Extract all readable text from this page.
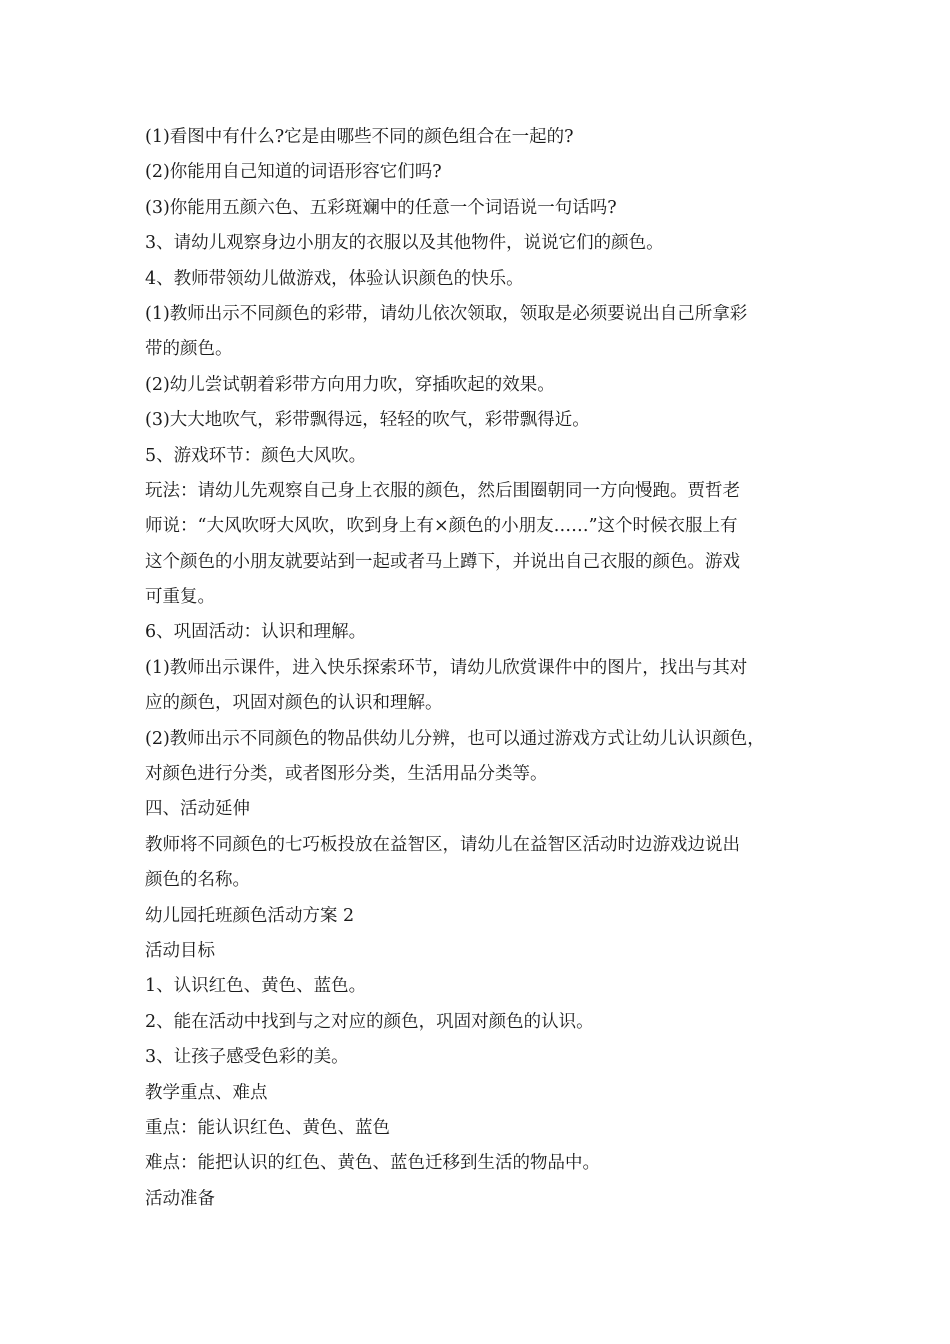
(1)看图中有什么?它是由哪些不同的颜色组合在一起的?
(2)你能用自己知道的词语形容它们吗?
(3)你能用五颜六色、五彩斑斓中的任意一个词语说一句话吗?
3、请幼儿观察身边小朋友的衣服以及其他物件，说说它们的颜色。
4、教师带领幼儿做游戏，体验认识颜色的快乐。
(1)教师出示不同颜色的彩带，请幼儿依次领取，领取是必须要说出自己所拿彩
带的颜色。
(2)幼儿尝试朝着彩带方向用力吹，穿插吹起的效果。
(3)大大地吹气，彩带飘得远，轻轻的吹气，彩带飘得近。
5、游戏环节：颜色大风吹。
玩法：请幼儿先观察自己身上衣服的颜色，然后围圈朝同一方向慢跑。贾哲老
师说：“大风吹呀大风吹，吹到身上有×颜色的小朋友……”这个时候衣服上有
这个颜色的小朋友就要站到一起或者马上蹲下，并说出自己衣服的颜色。游戏
可重复。
6、巩固活动：认识和理解。
(1)教师出示课件，进入快乐探索环节，请幼儿欣赏课件中的图片，找出与其对
应的颜色，巩固对颜色的认识和理解。
(2)教师出示不同颜色的物品供幼儿分辨，也可以通过游戏方式让幼儿认识颜色，
对颜色进行分类，或者图形分类，生活用品分类等。
四、活动延伸
教师将不同颜色的七巧板投放在益智区，请幼儿在益智区活动时边游戏边说出
颜色的名称。
幼儿园托班颜色活动方案 2
活动目标
1、认识红色、黄色、蓝色。
2、能在活动中找到与之对应的颜色，巩固对颜色的认识。
3、让孩子感受色彩的美。
教学重点、难点
重点：能认识红色、黄色、蓝色
难点：能把认识的红色、黄色、蓝色迁移到生活的物品中。
活动准备
